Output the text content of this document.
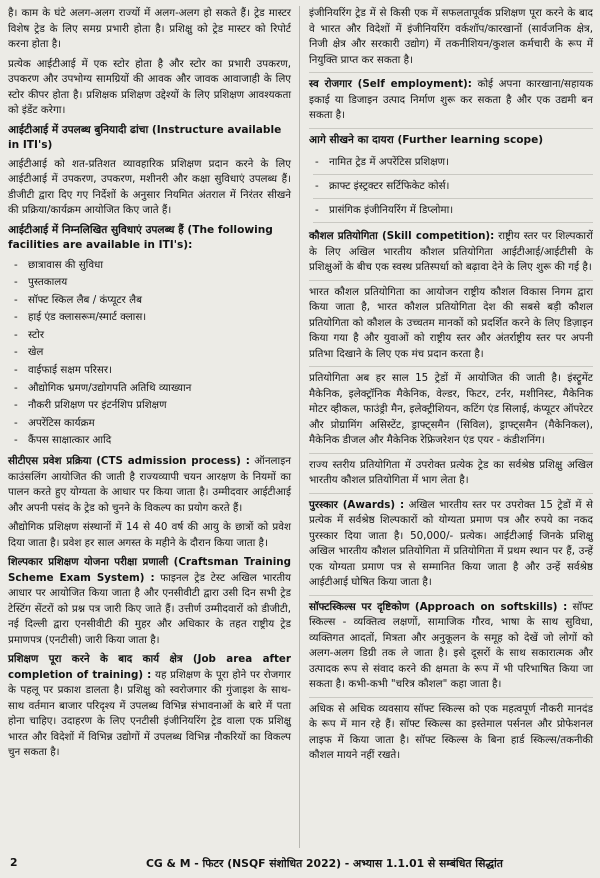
है। काम के घंटे अलग-अलग राज्यों में अलग-अलग हो सकते हैं। ट्रेड मास्टर विशेष ट्रेड के लिए समग्र प्रभारी होता है। प्रशिक्षु को ट्रेड मास्टर को रिपोर्ट करना होता है।

प्रत्येक आईटीआई में एक स्टोर होता है और स्टोर का प्रभारी उपकरण, उपकरण और उपभोग्य सामग्रियों की आवक और जावक आवाजाही के लिए स्टोर कीपर होता है। प्रशिक्षक प्रशिक्षण उद्देश्यों के लिए प्रशिक्षण आवश्यकता को इंडेंट करेगा।

आईटीआई में उपलब्ध बुनियादी ढांचा (Instructure available in ITI's)

आईटीआई को शत-प्रतिशत व्यावहारिक प्रशिक्षण प्रदान करने के लिए आईटीआई में उपकरण, उपकरण, मशीनरी और कक्षा सुविधाएं उपलब्ध हैं। डीजीटी द्वारा दिए गए निर्देशों के अनुसार नियमित अंतराल में निरंतर सीखने की प्रक्रिया/कार्यक्रम आयोजित किए जाते हैं।

आईटीआई में निम्नलिखित सुविधाएं उपलब्ध हैं (The following facilities are available in ITI's):
- छात्रावास की सुविधा
- पुस्तकालय
- सॉफ्ट स्किल लैब / कंप्यूटर लैब
- हाई एंड क्लासरूम/स्मार्ट क्लास।
- स्टोर
- खेल
- वाईफाई सक्षम परिसर।
- औद्योगिक भ्रमण/उद्योगपति अतिथि व्याख्यान
- नौकरी प्रशिक्षण पर इंटर्नशिप प्रशिक्षण
- अपरेंटिस कार्यक्रम
- कैंपस साक्षात्कार आदि

सीटीएस प्रवेश प्रक्रिया (CTS admission process) : ऑनलाइन काउंसलिंग आयोजित की जाती है राज्यव्यापी चयन आरक्षण के नियमों का पालन करते हुए योग्यता के आधार पर किया जाता है। उम्मीदवार आईटीआई और अपनी पसंद के ट्रेड को चुनने के विकल्प का प्रयोग करते हैं।

औद्योगिक प्रशिक्षण संस्थानों में 14 से 40 वर्ष की आयु के छात्रों को प्रवेश दिया जाता है। प्रवेश हर साल अगस्त के महीने के दौरान किया जाता है।

शिल्पकार प्रशिक्षण योजना परीक्षा प्रणाली (Craftsman Training Scheme Exam System) : फाइनल ट्रेड टेस्ट अखिल भारतीय आधार पर आयोजित किया जाता है और एनसीवीटी द्वारा उसी दिन सभी ट्रेड टेस्टिंग सेंटरों को प्रश्न पत्र जारी किए जाते हैं। उत्तीर्ण उम्मीदवारों को डीजीटी, नई दिल्ली द्वारा एनसीवीटी की मुहर और अधिकार के तहत राष्ट्रीय ट्रेड प्रमाणपत्र (एनटीसी) जारी किया जाता है।

प्रशिक्षण पूरा करने के बाद कार्य क्षेत्र (Job area after completion of training) : यह प्रशिक्षण के पूरा होने पर रोजगार के पहलू पर प्रकाश डालता है। प्रशिक्षु को स्वरोजगार की गुंजाइश के साथ-साथ वर्तमान बाजार परिदृश्य में उपलब्ध विभिन्न संभावनाओं के बारे में पता होना चाहिए। उदाहरण के लिए एनटीसी इंजीनियरिंग ट्रेड वाला एक प्रशिक्षु भारत और विदेशों में विभिन्न उद्योगों में उपलब्ध विभिन्न नौकरियों का विकल्प चुन सकता है।

इंजीनियरिंग ट्रेड में से किसी एक में सफलतापूर्वक प्रशिक्षण पूरा करने के बाद वे भारत और विदेशों में इंजीनियरिंग वर्कशॉप/कारखानों (सार्वजनिक क्षेत्र, निजी क्षेत्र और सरकारी उद्योग) में तकनीशियन/कुशल कर्मचारी के रूप में नियुक्ति प्राप्त कर सकता है।

स्व रोजगार (Self employment): कोई अपना कारखाना/सहायक इकाई या डिजाइन उत्पाद निर्माण शुरू कर सकता है और एक उद्यमी बन सकता है।

आगे सीखने का दायरा (Further learning scope)
- नामित ट्रेड में अपरेंटिस प्रशिक्षण।
- क्राफ्ट इंस्ट्रक्टर सर्टिफिकेट कोर्स।
- प्रासंगिक इंजीनियरिंग में डिप्लोमा।

कौशल प्रतियोगिता (Skill competition): राष्ट्रीय स्तर पर शिल्पकारों के लिए अखिल भारतीय कौशल प्रतियोगिता आईटीआई/आईटीसी के प्रशिक्षुओं के बीच एक स्वस्थ प्रतिस्पर्धा को बढ़ावा देने के लिए शुरू की गई है।

भारत कौशल प्रतियोगिता का आयोजन राष्ट्रीय कौशल विकास निगम द्वारा किया जाता है, भारत कौशल प्रतियोगिता देश की सबसे बड़ी कौशल प्रतियोगिता को कौशल के उच्चतम मानकों को प्रदर्शित करने के लिए डिज़ाइन किया गया है और युवाओं को राष्ट्रीय स्तर और अंतर्राष्ट्रीय स्तर पर अपनी प्रतिभा दिखाने के लिए एक मंच प्रदान करता है।

प्रतियोगिता अब हर साल 15 ट्रेडों में आयोजित की जाती है। इंस्ट्रूमेंट मैकेनिक, इलेक्ट्रॉनिक मैकेनिक, वेल्डर, फिटर, टर्नर, मशीनिस्ट, मैकेनिक मोटर व्हीकल, फाउंड्री मैन, इलेक्ट्रीशियन, कटिंग एंड सिलाई, कंप्यूटर ऑपरेटर और प्रोग्रामिंग असिस्टेंट, ड्राफ्ट्समैन (सिविल), ड्राफ्ट्समैन (मैकेनिकल), मैकेनिक डीजल और मैकेनिक रेफ्रिजरेशन एंड एयर - कंडीशनिंग।

राज्य स्तरीय प्रतियोगिता में उपरोक्त प्रत्येक ट्रेड का सर्वश्रेष्ठ प्रशिक्षु अखिल भारतीय कौशल प्रतियोगिता में भाग लेता है।

पुरस्कार (Awards) : अखिल भारतीय स्तर पर उपरोक्त 15 ट्रेडों में से प्रत्येक में सर्वश्रेष्ठ शिल्पकारों को योग्यता प्रमाण पत्र और रुपये का नकद पुरस्कार दिया जाता है। 50,000/- प्रत्येक। आईटीआई जिनके प्रशिक्षु अखिल भारतीय कौशल प्रतियोगिता में प्रतियोगिता में प्रथम स्थान पर हैं, उन्हें एक योग्यता प्रमाण पत्र से सम्मानित किया जाता है और उन्हें सर्वश्रेष्ठ आईटीआई घोषित किया जाता है।

सॉफ्टस्किल्स पर दृष्टिकोण (Approach on softskills) : सॉफ्ट स्किल्स - व्यक्तित्व लक्षणों, सामाजिक गौरव, भाषा के साथ सुविधा, व्यक्तिगत आदतों, मित्रता और अनुकूलन के समूह को देखें जो लोगों को अलग-अलग डिग्री तक ले जाता है। इसे दूसरों के साथ सकारात्मक और उत्पादक रूप से संवाद करने की क्षमता के रूप में भी परिभाषित किया जा सकता है। कभी-कभी "चरित्र कौशल" कहा जाता है।

अधिक से अधिक व्यवसाय सॉफ्ट स्किल्स को एक महत्वपूर्ण नौकरी मानदंड के रूप में मान रहे हैं। सॉफ्ट स्किल्स का इस्तेमाल पर्सनल और प्रोफेशनल लाइफ में किया जाता है। सॉफ्ट स्किल्स के बिना हार्ड स्किल्स/तकनीकी कौशल मायने नहीं रखते।

2	CG & M - फिटर (NSQF संशोधित 2022) - अभ्यास 1.1.01 से सम्बंधित सिद्धांत
